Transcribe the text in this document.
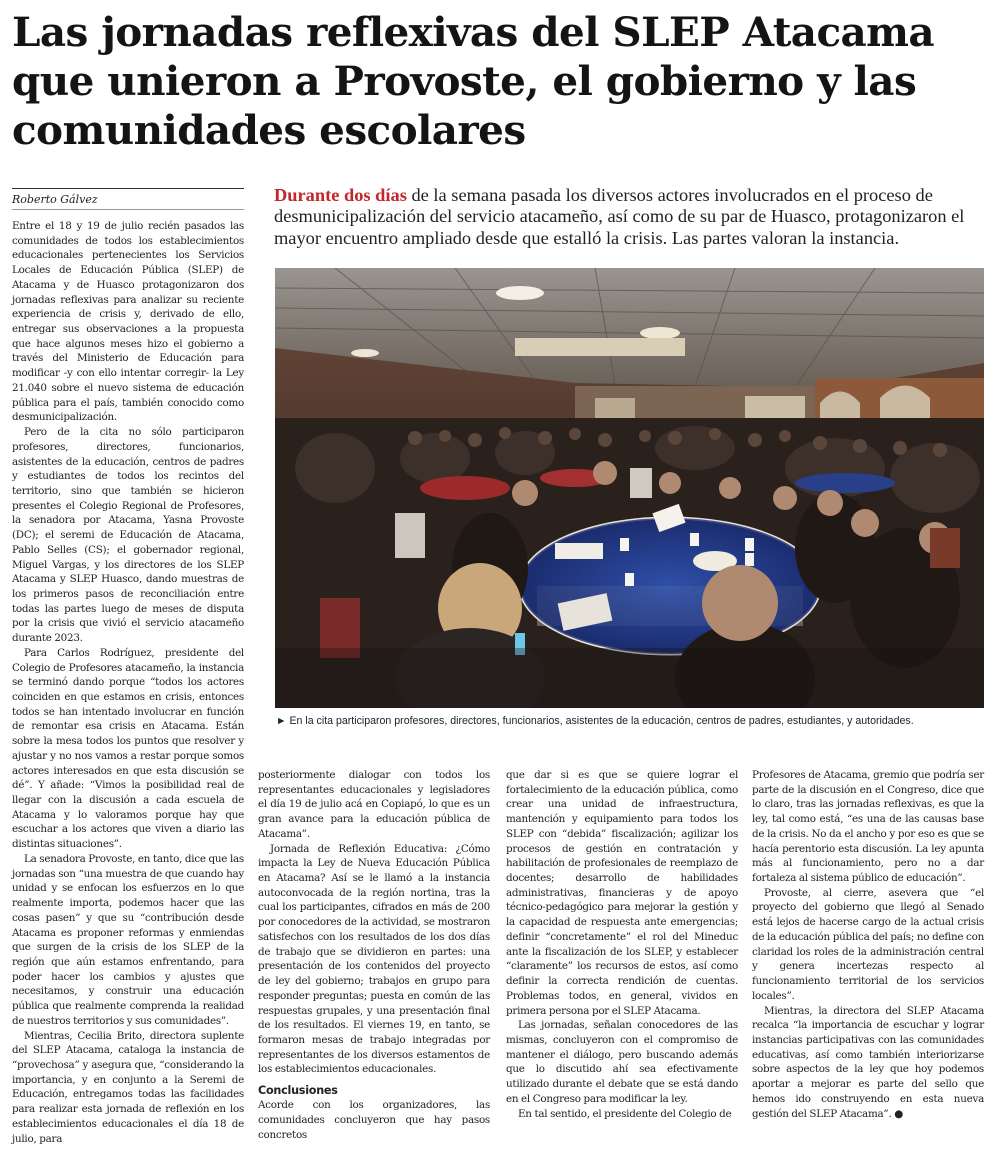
Las jornadas reflexivas del SLEP Atacama que unieron a Provoste, el gobierno y las comunidades escolares
Roberto Gálvez	Durante dos días de la semana pasada los diversos actores involucrados en el proceso de desmunicipalización del servicio atacameño, así como de su par de Huasco, protagonizaron el mayor encuentro ampliado desde que estalló la crisis. Las partes valoran la instancia.

► En la cita participaron profesores, directores, funcionarios, asistentes de la educación, centros de padres, estudiantes, y autoridades.

Entre el 18 y 19 de julio recién pasados las comunidades de todos los establecimientos educacionales pertenecientes los Servicios Locales de Educación Pública (SLEP) de Atacama y de Huasco protagonizaron dos jornadas reflexivas para analizar su reciente experiencia de crisis y, derivado de ello, entregar sus observaciones a la propuesta que hace algunos meses hizo el gobierno a través del Ministerio de Educación para modificar -y con ello intentar corregir- la Ley 21.040 sobre el nuevo sistema de educación pública para el país, también conocido como desmunicipalización.

Pero de la cita no sólo participaron profesores, directores, funcionarios, asistentes de la educación, centros de padres y estudiantes de todos los recintos del territorio, sino que también se hicieron presentes el Colegio Regional de Profesores, la senadora por Atacama, Yasna Provoste (DC); el seremi de Educación de Atacama, Pablo Selles (CS); el gobernador regional, Miguel Vargas, y los directores de los SLEP Atacama y SLEP Huasco, dando muestras de los primeros pasos de reconciliación entre todas las partes luego de meses de disputa por la crisis que vivió el servicio atacameño durante 2023.

Para Carlos Rodríguez, presidente del Colegio de Profesores atacameño, la instancia se terminó dando porque “todos los actores coinciden en que estamos en crisis, entonces todos se han intentado involucrar en función de remontar esa crisis en Atacama. Están sobre la mesa todos los puntos que resolver y ajustar y no nos vamos a restar porque somos actores interesados en que esta discusión se dé”. Y añade: “Vimos la posibilidad real de llegar con la discusión a cada escuela de Atacama y lo valoramos porque hay que escuchar a los actores que viven a diario las distintas situaciones”.

La senadora Provoste, en tanto, dice que las jornadas son “una muestra de que cuando hay unidad y se enfocan los esfuerzos en lo que realmente importa, podemos hacer que las cosas pasen” y que su “contribución desde Atacama es proponer reformas y enmiendas que surgen de la crisis de los SLEP de la región que aún estamos enfrentando, para poder hacer los cambios y ajustes que necesitamos, y construir una educación pública que realmente comprenda la realidad de nuestros territorios y sus comunidades”.

Mientras, Cecilia Brito, directora suplente del SLEP Atacama, cataloga la instancia de “provechosa” y asegura que, “considerando la importancia, y en conjunto a la Seremi de Educación, entregamos todas las facilidades para realizar esta jornada de reflexión en los establecimientos educacionales el día 18 de julio, para

posteriormente dialogar con todos los representantes educacionales y legisladores el día 19 de julio acá en Copiapó, lo que es un gran avance para la educación pública de Atacama”.

Jornada de Reflexión Educativa: ¿Cómo impacta la Ley de Nueva Educación Pública en Atacama? Así se le llamó a la instancia autoconvocada de la región nortina, tras la cual los participantes, cifrados en más de 200 por conocedores de la actividad, se mostraron satisfechos con los resultados de los dos días de trabajo que se dividieron en partes: una presentación de los contenidos del proyecto de ley del gobierno; trabajos en grupo para responder preguntas; puesta en común de las respuestas grupales, y una presentación final de los resultados. El viernes 19, en tanto, se formaron mesas de trabajo integradas por representantes de los diversos estamentos de los establecimientos educacionales.

Conclusiones

Acorde con los organizadores, las comunidades concluyeron que hay pasos concretos

que dar si es que se quiere lograr el fortalecimiento de la educación pública, como crear una unidad de infraestructura, mantención y equipamiento para todos los SLEP con “debida” fiscalización; agilizar los procesos de gestión en contratación y habilitación de profesionales de reemplazo de docentes; desarrollo de habilidades administrativas, financieras y de apoyo técnico-pedagógico para mejorar la gestión y la capacidad de respuesta ante emergencias; definir “concretamente” el rol del Mineduc ante la fiscalización de los SLEP, y establecer “claramente” los recursos de estos, así como definir la correcta rendición de cuentas. Problemas todos, en general, vividos en primera persona por el SLEP Atacama.

Las jornadas, señalan conocedores de las mismas, concluyeron con el compromiso de mantener el diálogo, pero buscando además que lo discutido ahí sea efectivamente utilizado durante el debate que se está dando en el Congreso para modificar la ley.

En tal sentido, el presidente del Colegio de

Profesores de Atacama, gremio que podría ser parte de la discusión en el Congreso, dice que lo claro, tras las jornadas reflexivas, es que la ley, tal como está, “es una de las causas base de la crisis. No da el ancho y por eso es que se hacía perentorio esta discusión. La ley apunta más al funcionamiento, pero no a dar fortaleza al sistema público de educación”.

Provoste, al cierre, asevera que “el proyecto del gobierno que llegó al Senado está lejos de hacerse cargo de la actual crisis de la educación pública del país; no define con claridad los roles de la administración central y genera incertezas respecto al funcionamiento territorial de los servicios locales”.

Mientras, la directora del SLEP Atacama recalca “la importancia de escuchar y lograr instancias participativas con las comunidades educativas, así como también interiorizarse sobre aspectos de la ley que hoy podemos aportar a mejorar es parte del sello que hemos ido construyendo en esta nueva gestión del SLEP Atacama”. ●
